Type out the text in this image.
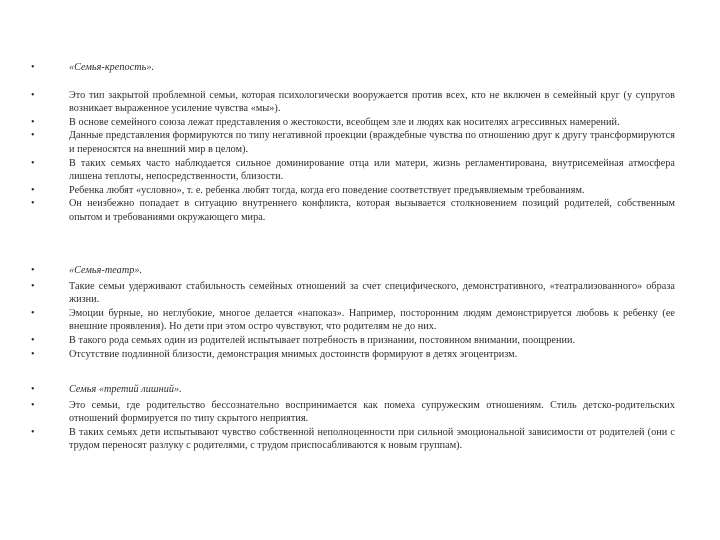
•	«Семья-крепость».
•	Это тип закрытой проблемной семьи, которая психологически вооружается против всех, кто не включен в семейный круг (у супругов возникает выраженное усиление чувства «мы»).
•	В основе семейного союза лежат представления о жестокости, всеобщем зле и людях как носителях агрессивных намерений.
•	Данные представления формируются по типу негативной проекции (враждебные чувства по отношению друг к другу трансформируются и переносятся на внешний мир в целом).
•	В таких семьях часто наблюдается сильное доминирование отца или матери, жизнь регламентирована, внутрисемейная атмосфера лишена теплоты, непосредственности, близости.
•	Ребенка любят «условно», т. е. ребенка любят тогда, когда его поведение соответствует предъявляемым требованиям.
•	Он неизбежно попадает в ситуацию внутреннего конфликта, которая вызывается столкновением позиций родителей, собственным опытом и требованиями окружающего мира.
•	«Семья-театр».
•	Такие семьи удерживают стабильность семейных отношений за счет специфического, демонстративного, «театрализованного» образа жизни.
•	Эмоции бурные, но неглубокие, многое делается «напоказ». Например, посторонним людям демонстрируется любовь к ребенку (ее внешние проявления). Но дети при этом остро чувствуют, что родителям не до них.
•	В такого рода семьях один из родителей испытывает потребность в признании, постоянном внимании, поощрении.
•	Отсутствие подлинной близости, демонстрация мнимых достоинств формируют в детях эгоцентризм.
•	Семья «третий лишний».
•	Это семьи, где родительство бессознательно воспринимается как помеха супружеским отношениям. Стиль детско-родительских отношений формируется по типу скрытого неприятия.
•	В таких семьях дети испытывают чувство собственной неполноценности при сильной эмоциональной зависимости от родителей (они с трудом переносят разлуку с родителями, с трудом приспосабливаются к новым группам).
